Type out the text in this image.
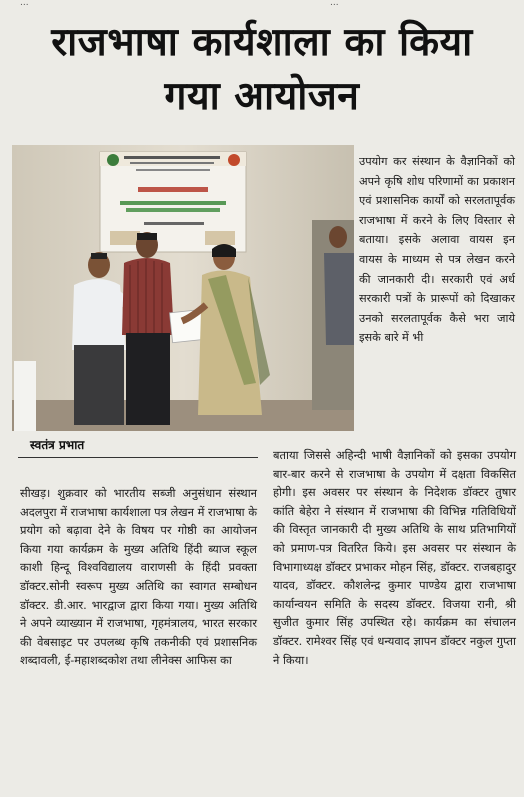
...	...
राजभाषा कार्यशाला का किया
गया आयोजन
स्वतंत्र प्रभात

उपयोग कर संस्थान के वैज्ञानिकों को अपने कृषि शोध परिणामों का प्रकाशन एवं प्रशासनिक कार्यों को सरलतापूर्वक राजभाषा में करने के लिए विस्तार से बताया। इसके अलावा वायस इन वायस के माध्यम से पत्र लेखन करने की जानकारी दी। सरकारी एवं अर्ध सरकारी पत्रों के प्रारूपों को दिखाकर उनको सरलतापूर्वक कैसे भरा जाये इसके बारे में भी

सीखड़। शुक्रवार को भारतीय सब्जी अनुसंधान संस्थान अदलपुरा में राजभाषा कार्यशाला पत्र लेखन में राजभाषा के प्रयोग को बढ़ावा देने के विषय पर गोष्ठी का आयोजन किया गया कार्यक्रम के मुख्य अतिथि हिंदी ब्याज स्कूल काशी हिन्दू विश्वविद्यालय वाराणसी के हिंदी प्रवक्ता डॉक्टर.सोनी स्वरूप मुख्य अतिथि का स्वागत सम्बोधन डॉक्टर. डी.आर. भारद्वाज द्वारा किया गया। मुख्य अतिथि ने अपने व्याख्यान में राजभाषा, गृहमंत्रालय, भारत सरकार की वेबसाइट पर उपलब्ध कृषि तकनीकी एवं प्रशासनिक शब्दावली, ई-महाशब्दकोश तथा लीनेक्स आफिस का

बताया जिससे अहिन्दी भाषी वैज्ञानिकों को इसका उपयोग बार-बार करने से राजभाषा के उपयोग में दक्षता विकसित होगी। इस अवसर पर संस्थान के निदेशक डॉक्टर तुषार कांति बेहेरा ने संस्थान में राजभाषा की विभिन्न गतिविधियों की विस्तृत जानकारी दी मुख्य अतिथि के साथ प्रतिभागियों को प्रमाण-पत्र वितरित किये। इस अवसर पर संस्थान के विभागाध्यक्ष डॉक्टर प्रभाकर मोहन सिंह, डॉक्टर. राजबहादुर यादव, डॉक्टर. कौशलेन्द्र कुमार पाण्डेय द्वारा राजभाषा कार्यान्वयन समिति के सदस्य डॉक्टर. विजया रानी, श्री सुजीत कुमार सिंह उपस्थित रहे। कार्यक्रम का संचालन डॉक्टर. रामेश्वर सिंह एवं धन्यवाद ज्ञापन डॉक्टर नकुल गुप्ता ने किया।
